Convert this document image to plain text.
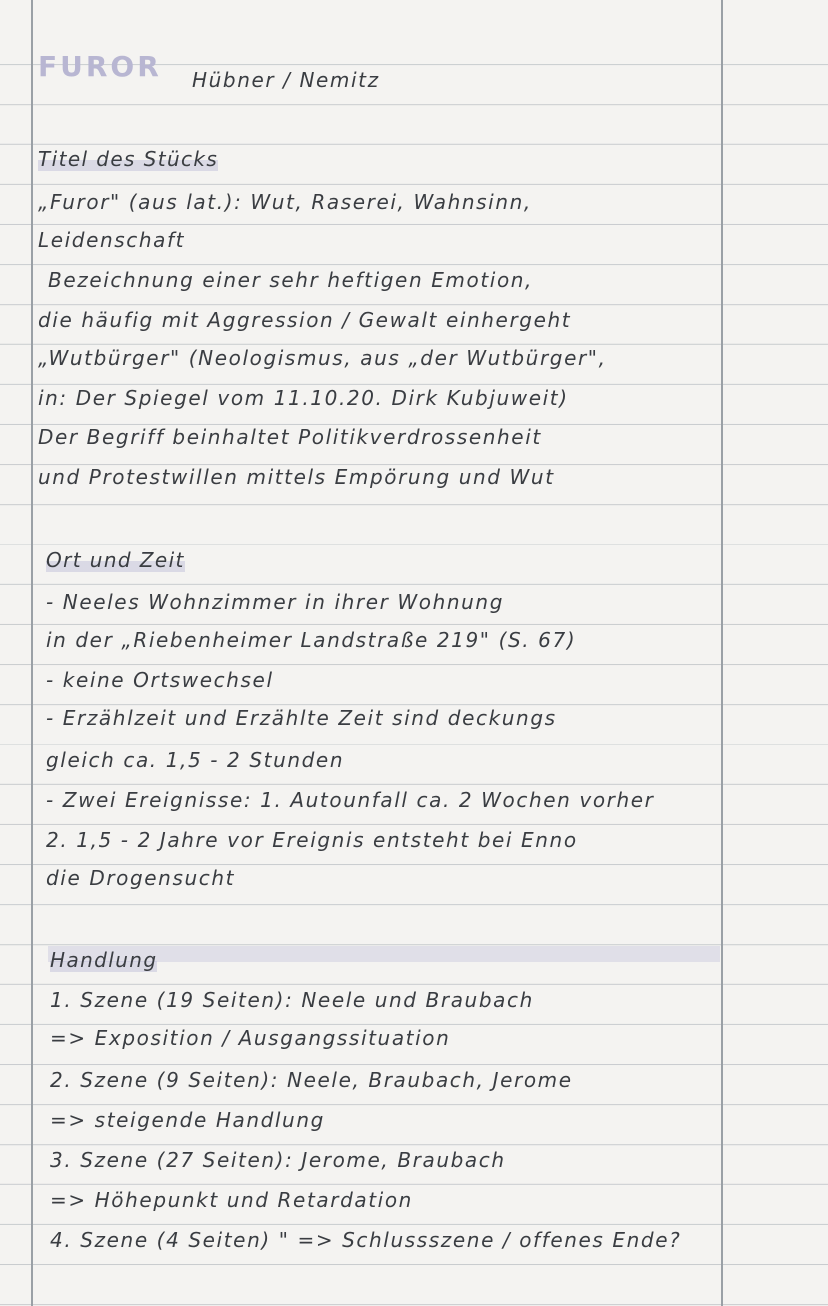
FUROR Hübner / Nemitz
Titel des Stücks
„Furor" (aus lat.): Wut, Raserei, Wahnsinn,
Leidenschaft
Bezeichnung einer sehr heftigen Emotion,
die häufig mit Aggression / Gewalt einhergeht
„Wutbürger" (Neologismus, aus „der Wutbürger",
in: Der Spiegel vom 11.10.20. Dirk Kubjuweit)
Der Begriff beinhaltet Politikverdrossenheit
und Protestwillen mittels Empörung und Wut
Ort und Zeit
- Neeles Wohnzimmer in ihrer Wohnung
in der „Riebenheimer Landstraße 219" (S. 67)
- keine Ortswechsel
- Erzählzeit und Erzählte Zeit sind deckungs
gleich ca. 1,5 - 2 Stunden
- Zwei Ereignisse: 1. Autounfall ca. 2 Wochen vorher
2. 1,5 - 2 Jahre vor Ereignis entsteht bei Enno
die Drogensucht
Handlung
1. Szene (19 Seiten): Neele und Braubach
=> Exposition / Ausgangssituation
2. Szene (9 Seiten): Neele, Braubach, Jerome
=> steigende Handlung
3. Szene (27 Seiten): Jerome, Braubach
=> Höhepunkt und Retardation
4. Szene (4 Seiten) " => Schlussszene / offenes Ende?
